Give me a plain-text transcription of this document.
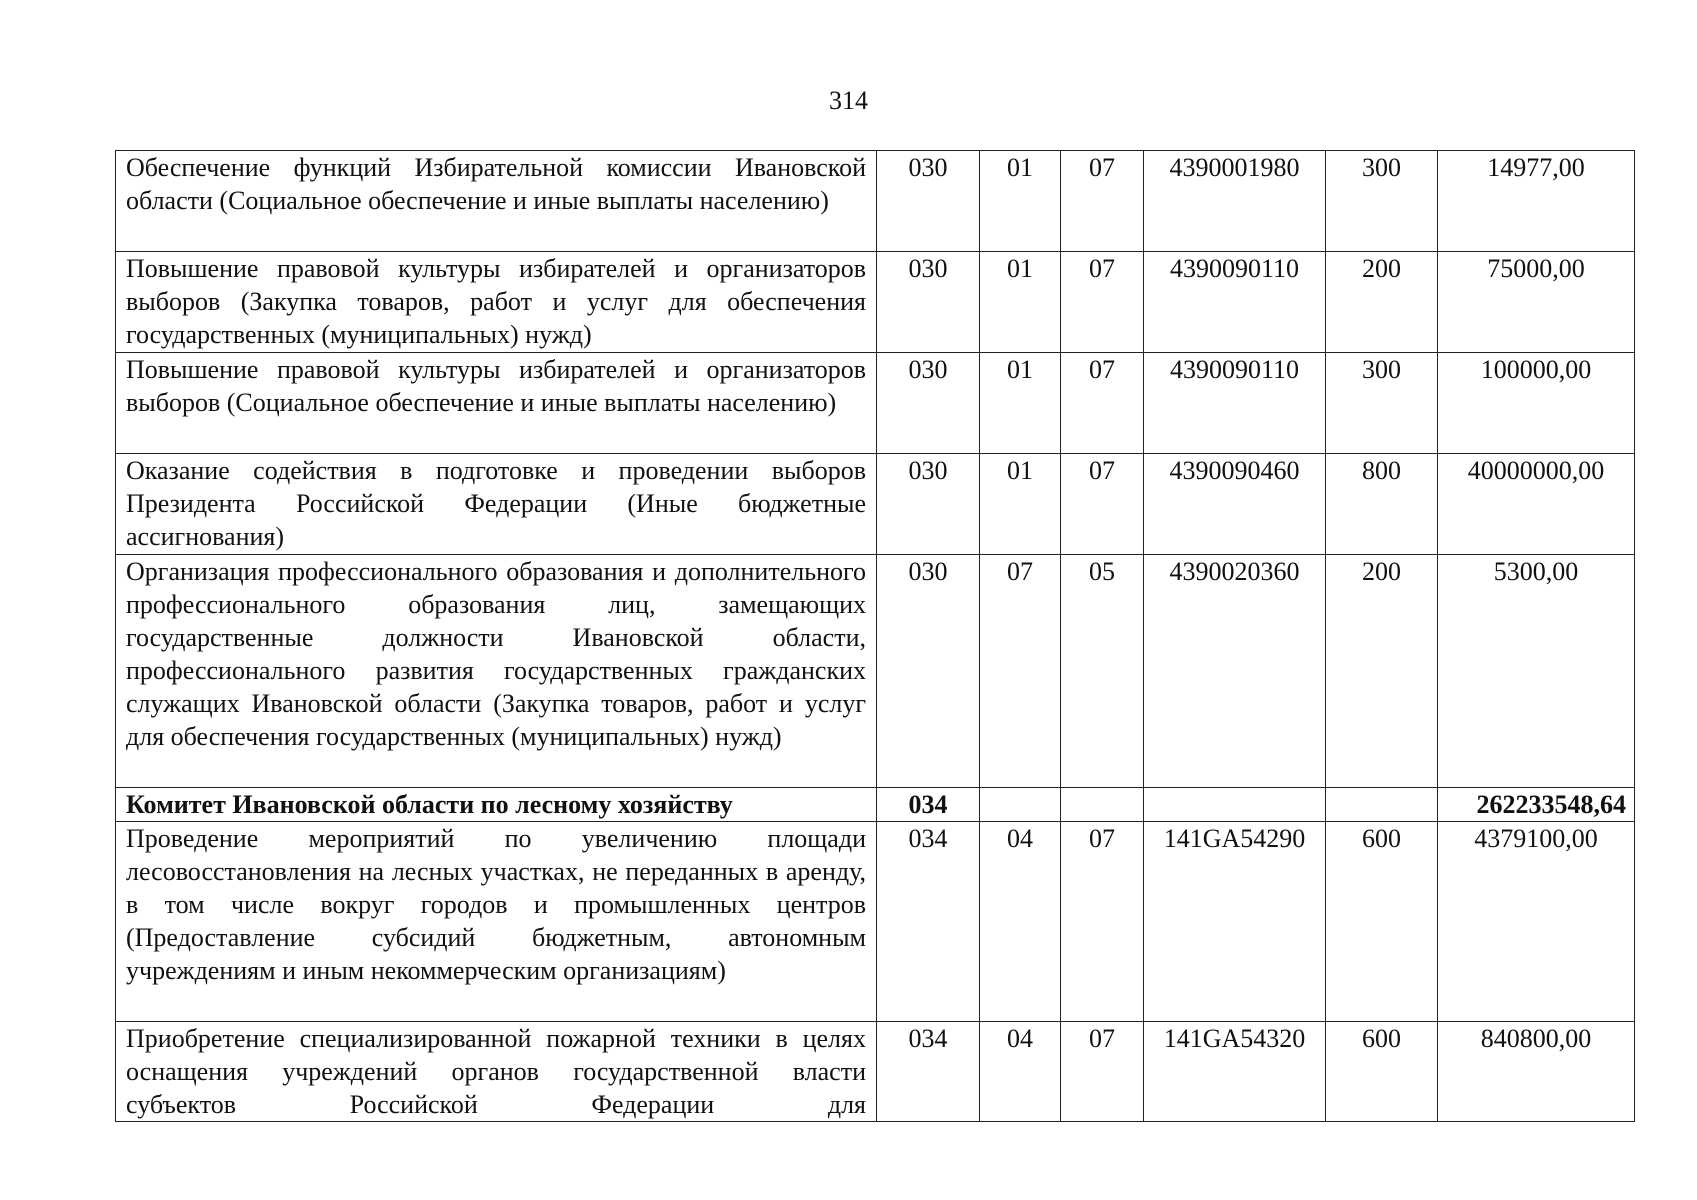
314
Обеспечение функций Избирательной комиссии Ивановской области (Социальное обеспечение и иные выплаты населению)	030	01	07	4390001980	300	14977,00
Повышение правовой культуры избирателей и организаторов выборов (Закупка товаров, работ и услуг для обеспечения государственных (муниципальных) нужд)	030	01	07	4390090110	200	75000,00
Повышение правовой культуры избирателей и организаторов выборов (Социальное обеспечение и иные выплаты населению)	030	01	07	4390090110	300	100000,00
Оказание содействия в подготовке и проведении выборов Президента Российской Федерации (Иные бюджетные ассигнования)	030	01	07	4390090460	800	40000000,00
Организация профессионального образования и дополнительного профессионального образования лиц, замещающих государственные должности Ивановской области, профессионального развития государственных гражданских служащих Ивановской области (Закупка товаров, работ и услуг для обеспечения государственных (муниципальных) нужд)	030	07	05	4390020360	200	5300,00
Комитет Ивановской области по лесному хозяйству	034					262233548,64
Проведение мероприятий по увеличению площади лесовосстановления на лесных участках, не переданных в аренду, в том числе вокруг городов и промышленных центров (Предоставление субсидий бюджетным, автономным учреждениям и иным некоммерческим организациям)	034	04	07	141GA54290	600	4379100,00
Приобретение специализированной пожарной техники в целях оснащения учреждений органов государственной власти субъектов Российской Федерации для	034	04	07	141GA54320	600	840800,00
